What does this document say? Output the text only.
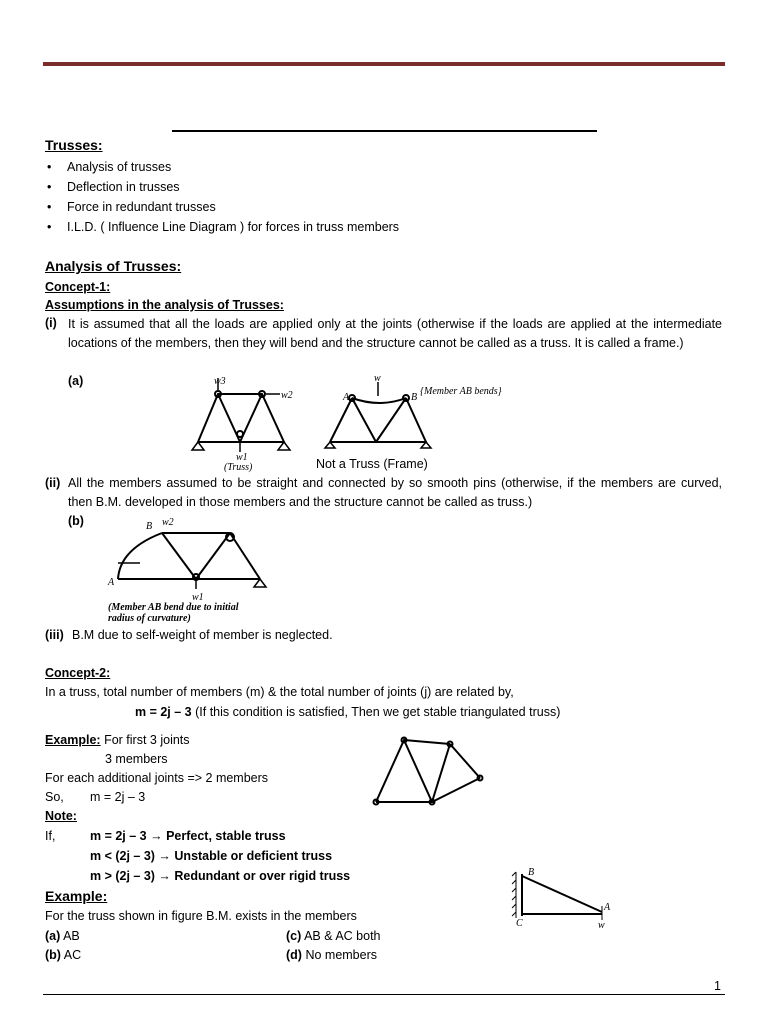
Trusses:
• Analysis of trusses
• Deflection in trusses
• Force in redundant trusses
• I.L.D. ( Influence Line Diagram ) for forces in truss members
Analysis of Trusses:
Concept-1:
Assumptions in the analysis of Trusses:
(i) It is assumed that all the loads are applied only at the joints (otherwise if the loads are applied at the intermediate locations of the members, then they will bend and the structure cannot be called as a truss. It is called a frame.)
(a)	w3
w2
w1
(Truss)
w
A	B
{Member AB bends}
Not a Truss (Frame)
(ii) All the members assumed to be straight and connected by so smooth pins (otherwise, if the members are curved, then B.M. developed in those members and the structure cannot be called as truss.)
(b)	B w2
A
w1
(Member AB bend due to initial
radius of curvature)
(iii) B.M due to self-weight of member is neglected.
Concept-2:
In a truss, total number of members (m) & the total number of joints (j) are related by,
m = 2j – 3 (If this condition is satisfied, Then we get stable triangulated truss)
Example: For first 3 joints
3 members
For each additional joints => 2 members
So, m = 2j – 3
Note:
If,	m = 2j – 3 → Perfect, stable truss
m < (2j – 3) → Unstable or deficient truss
m > (2j – 3) → Redundant or over rigid truss
Example:
For the truss shown in figure B.M. exists in the members
(a) AB
(b) AC
(c) AB & AC both
(d) No members
B
C
A
w
1
